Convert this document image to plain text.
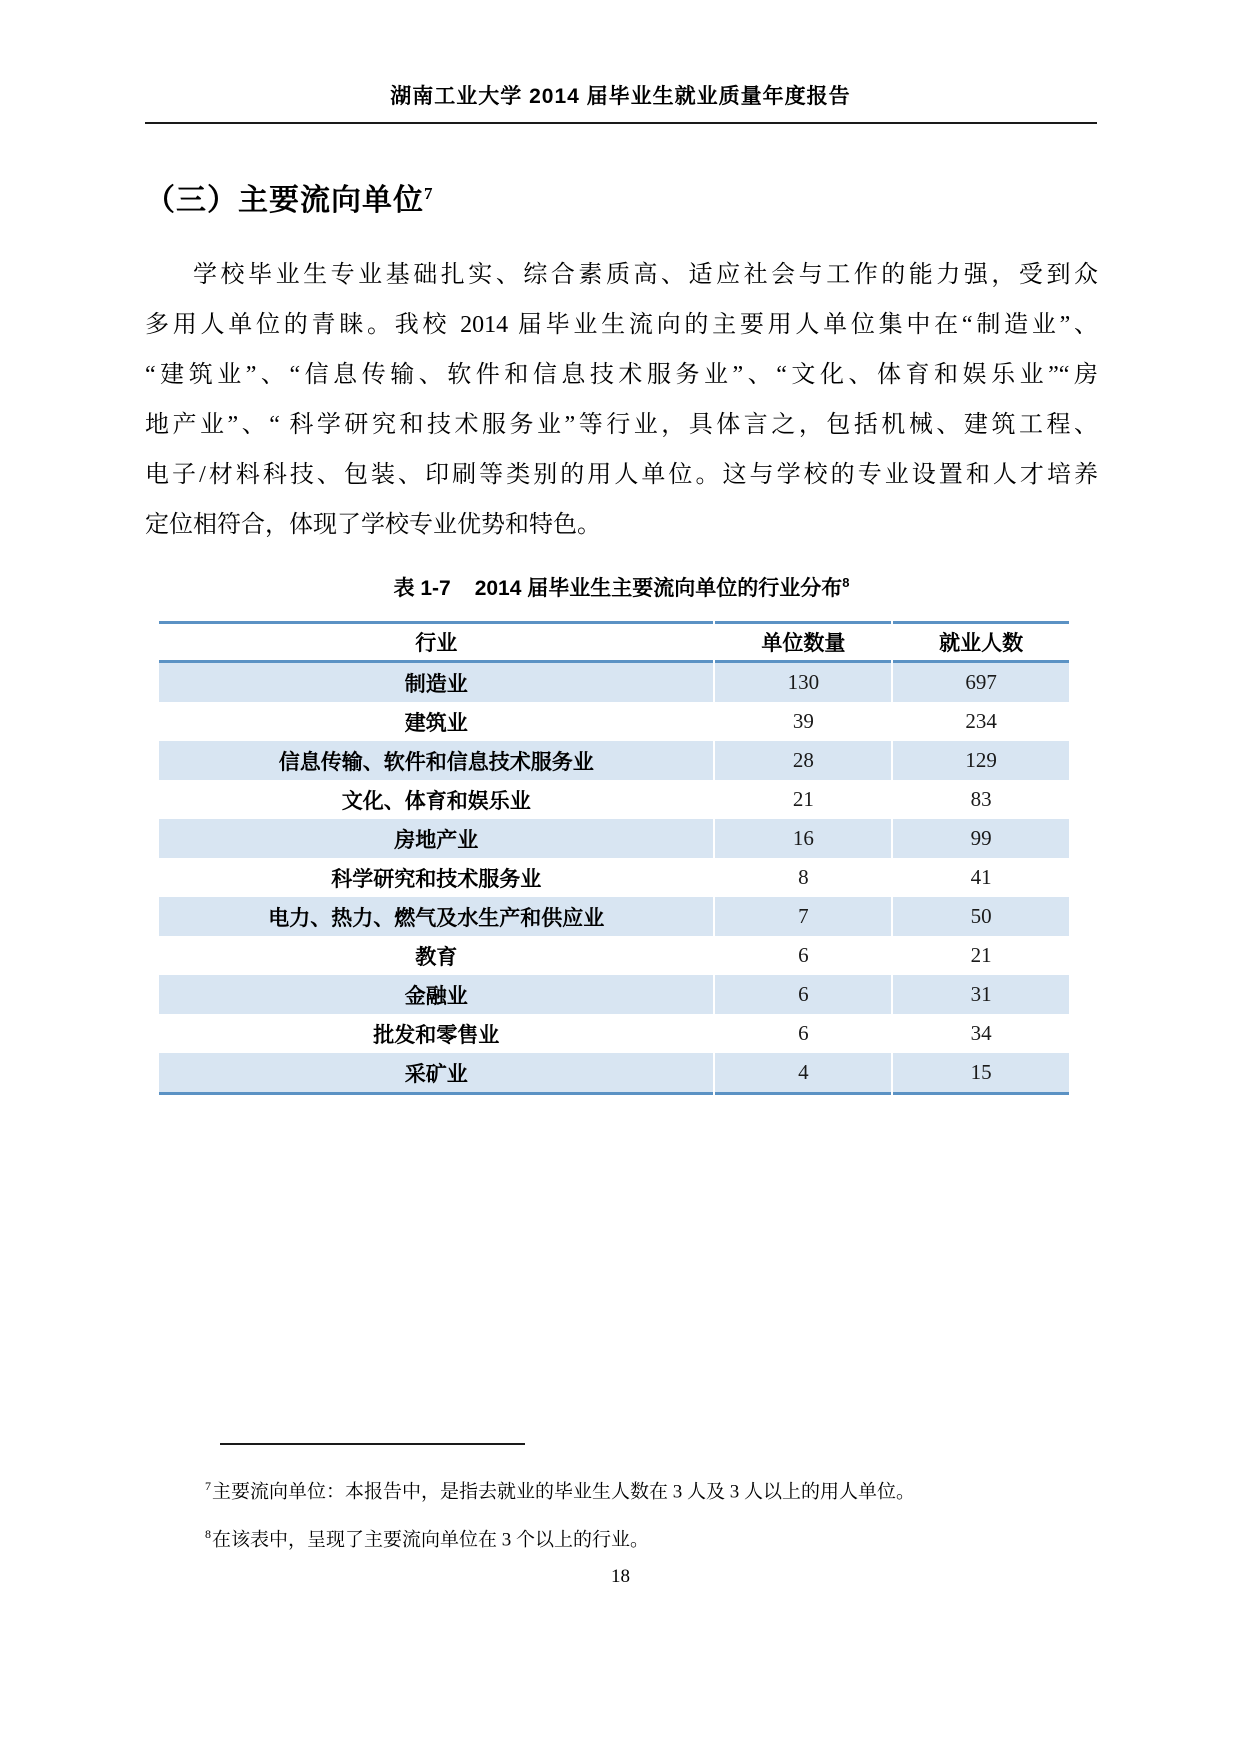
湖南工业大学 2014 届毕业生就业质量年度报告
（三）主要流向单位$^7$
学校毕业生专业基础扎实、综合素质高、适应社会与工作的能力强，受到众
多用人单位的青睐。我校 2014 届毕业生流向的主要用人单位集中在“制造业”、
“建筑业”、“信息传输、软件和信息技术服务业”、“文化、体育和娱乐业”“房
地产业”、“ 科学研究和技术服务业”等行业，具体言之，包括机械、建筑工程、
电子/材料科技、包装、印刷等类别的用人单位。这与学校的专业设置和人才培养
定位相符合，体现了学校专业优势和特色。
表 1-7 2014 届毕业生主要流向单位的行业分布$^8$
行业	单位数量	就业人数
制造业	130	697
建筑业	39	234
信息传输、软件和信息技术服务业	28	129
文化、体育和娱乐业	21	83
房地产业	16	99
科学研究和技术服务业	8	41
电力、热力、燃气及水生产和供应业	7	50
教育	6	21
金融业	6	31
批发和零售业	6	34
采矿业	4	15
$^7$主要流向单位：本报告中，是指去就业的毕业生人数在 3 人及 3 人以上的用人单位。
$^8$在该表中，呈现了主要流向单位在 3 个以上的行业。
18
